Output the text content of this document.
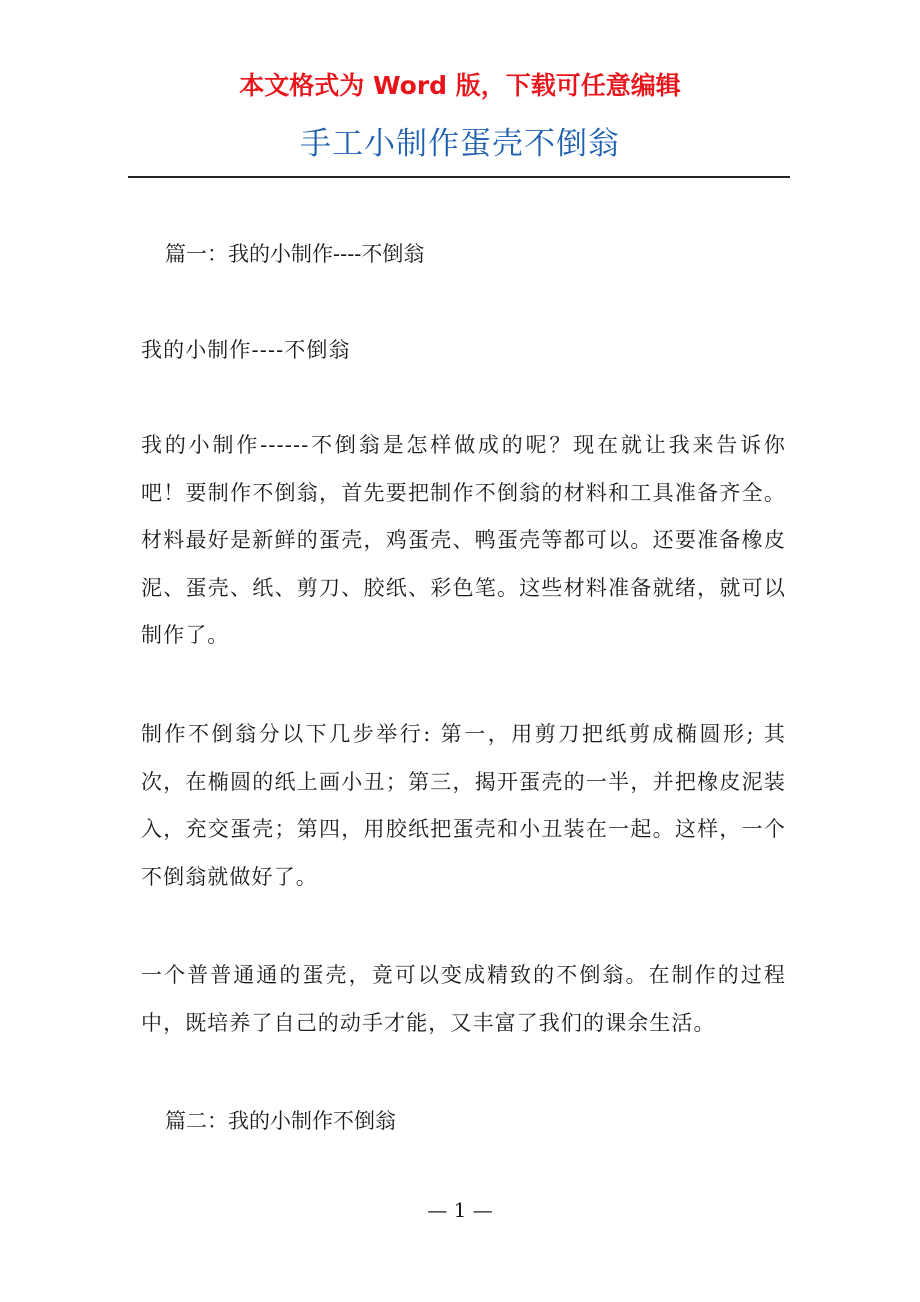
本文格式为 Word 版，下载可任意编辑
手工小制作蛋壳不倒翁
篇一：我的小制作----不倒翁
我的小制作----不倒翁
我的小制作------不倒翁是怎样做成的呢？现在就让我来告诉你吧！要制作不倒翁，首先要把制作不倒翁的材料和工具准备齐全。材料最好是新鲜的蛋壳，鸡蛋壳、鸭蛋壳等都可以。还要准备橡皮泥、蛋壳、纸、剪刀、胶纸、彩色笔。这些材料准备就绪，就可以制作了。
制作不倒翁分以下几步举行: 第一，用剪刀把纸剪成椭圆形; 其次，在椭圆的纸上画小丑；第三，揭开蛋壳的一半，并把橡皮泥装入，充交蛋壳；第四，用胶纸把蛋壳和小丑装在一起。这样，一个不倒翁就做好了。
一个普普通通的蛋壳，竟可以变成精致的不倒翁。在制作的过程中，既培养了自己的动手才能，又丰富了我们的课余生活。
篇二：我的小制作不倒翁
— 1 —
